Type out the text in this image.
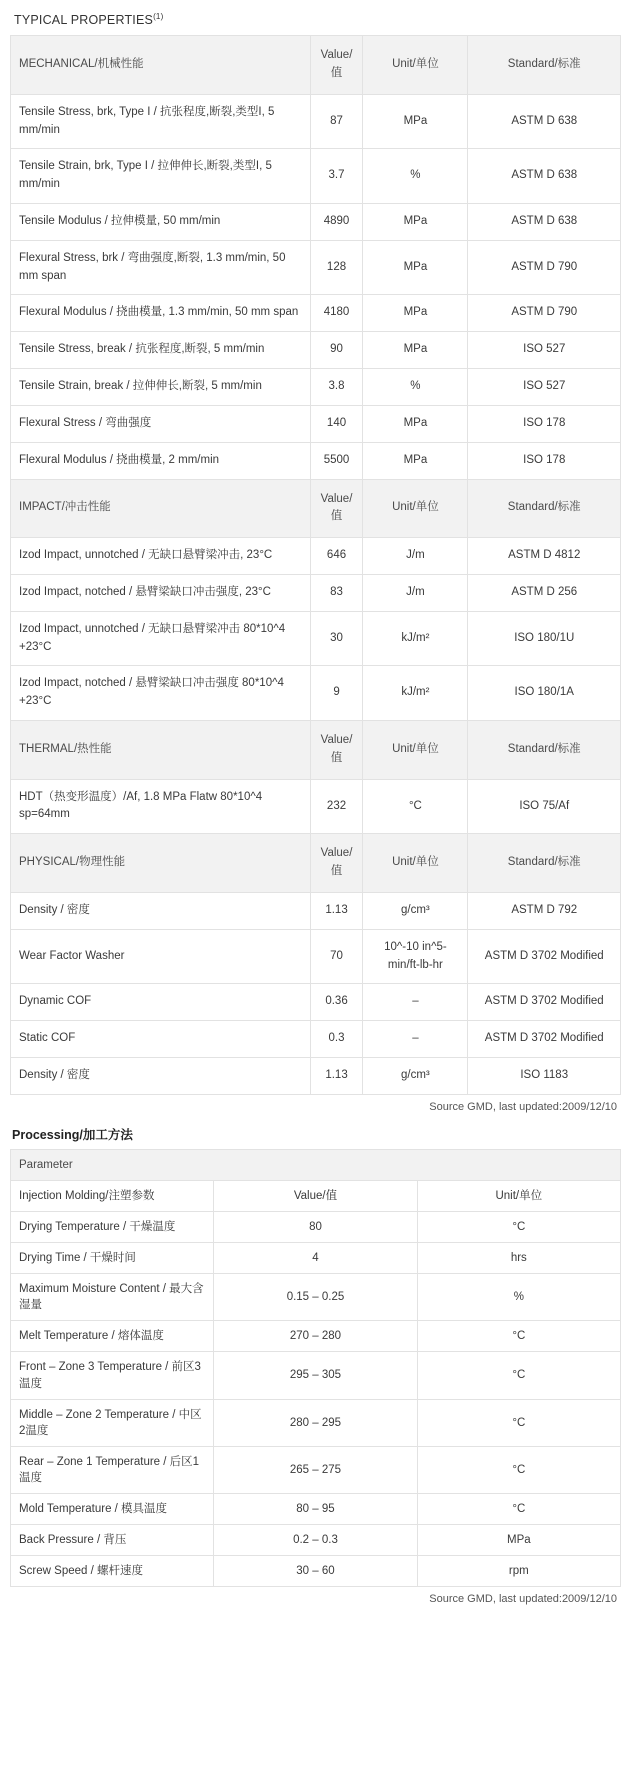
TYPICAL PROPERTIES$^{(1)}$
MECHANICAL/机械性能	Value/值	Unit/单位	Standard/标准
Tensile Stress, brk, Type I / 抗张程度,断裂,类型I, 5 mm/min	87	MPa	ASTM D 638
Tensile Strain, brk, Type I / 拉伸伸长,断裂,类型I, 5 mm/min	3.7	%	ASTM D 638
Tensile Modulus / 拉伸模量, 50 mm/min	4890	MPa	ASTM D 638
Flexural Stress, brk / 弯曲强度,断裂, 1.3 mm/min, 50 mm span	128	MPa	ASTM D 790
Flexural Modulus / 挠曲模量, 1.3 mm/min, 50 mm span	4180	MPa	ASTM D 790
Tensile Stress, break / 抗张程度,断裂, 5 mm/min	90	MPa	ISO 527
Tensile Strain, break / 拉伸伸长,断裂, 5 mm/min	3.8	%	ISO 527
Flexural Stress / 弯曲强度	140	MPa	ISO 178
Flexural Modulus / 挠曲模量, 2 mm/min	5500	MPa	ISO 178
IMPACT/冲击性能	Value/值	Unit/单位	Standard/标准
Izod Impact, unnotched / 无缺口悬臂梁冲击, 23°C	646	J/m	ASTM D 4812
Izod Impact, notched / 悬臂梁缺口冲击强度, 23°C	83	J/m	ASTM D 256
Izod Impact, unnotched / 无缺口悬臂梁冲击 80*10^4 +23°C	30	kJ/m²	ISO 180/1U
Izod Impact, notched / 悬臂梁缺口冲击强度 80*10^4 +23°C	9	kJ/m²	ISO 180/1A
THERMAL/热性能	Value/值	Unit/单位	Standard/标准
HDT（热变形温度）/Af, 1.8 MPa Flatw 80*10^4 sp=64mm	232	°C	ISO 75/Af
PHYSICAL/物理性能	Value/值	Unit/单位	Standard/标准
Density / 密度	1.13	g/cm³	ASTM D 792
Wear Factor Washer	70	10^-10 in^5-min/ft-lb-hr	ASTM D 3702 Modified
Dynamic COF	0.36	–	ASTM D 3702 Modified
Static COF	0.3	–	ASTM D 3702 Modified
Density / 密度	1.13	g/cm³	ISO 1183
Source GMD, last updated:2009/12/10
Processing/加工方法
Parameter		
Injection Molding/注塑参数	Value/值	Unit/单位
Drying Temperature / 干燥温度	80	°C
Drying Time / 干燥时间	4	hrs
Maximum Moisture Content / 最大含湿量	0.15 – 0.25	%
Melt Temperature / 熔体温度	270 – 280	°C
Front – Zone 3 Temperature / 前区3温度	295 – 305	°C
Middle – Zone 2 Temperature / 中区2温度	280 – 295	°C
Rear – Zone 1 Temperature / 后区1温度	265 – 275	°C
Mold Temperature / 模具温度	80 – 95	°C
Back Pressure / 背压	0.2 – 0.3	MPa
Screw Speed / 螺杆速度	30 – 60	rpm
Source GMD, last updated:2009/12/10
